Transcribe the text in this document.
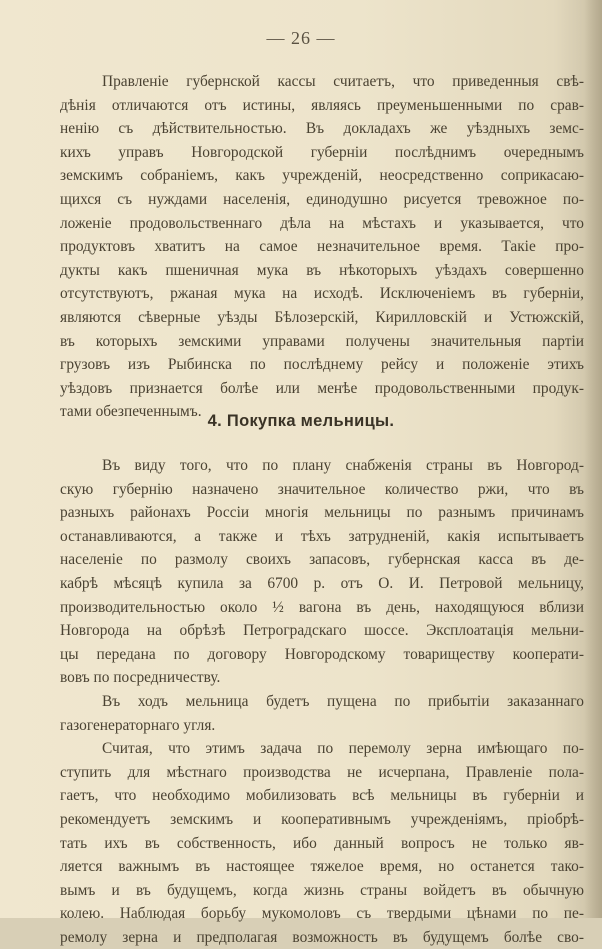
— 26 —
Правленіе губернской кассы считаетъ, что приведенныя свѣ-
дѣнія отличаются отъ истины, являясь преуменьшенными по срав-
ненію съ дѣйствительностью. Въ докладахъ же уѣздныхъ земс-
кихъ управъ Новгородской губерніи послѣднимъ очереднымъ
земскимъ собраніемъ, какъ учрежденій, неосредственно соприкасаю-
щихся съ нуждами населенія, единодушно рисуется тревожное по-
ложеніе продовольственнаго дѣла на мѣстахъ и указывается, что
продуктовъ хватитъ на самое незначительное время. Такіе про-
дукты какъ пшеничная мука въ нѣкоторыхъ уѣздахъ совершенно
отсутствуютъ, ржаная мука на исходѣ. Исключеніемъ въ губерніи,
являются сѣверные уѣзды Бѣлозерскій, Кирилловскій и Устюжскій,
въ которыхъ земскими управами получены значительныя партіи
грузовъ изъ Рыбинска по послѣднему рейсу и положеніе этихъ
уѣздовъ признается болѣе или менѣе продовольственными продук-
тами обезпеченнымъ.
4. Покупка мельницы.
Въ виду того, что по плану снабженія страны въ Новгород-
скую губернію назначено значительное количество ржи, что въ
разныхъ районахъ Россіи многія мельницы по разнымъ причинамъ
останавливаются, а также и тѣхъ затрудненій, какія испытываетъ
населеніе по размолу своихъ запасовъ, губернская касса въ де-
кабрѣ мѣсяцѣ купила за 6700 р. отъ О. И. Петровой мельницу,
производительностью около ½ вагона въ день, находящуюся вблизи
Новгорода на обрѣзѣ Петроградскаго шоссе. Эксплоатація мельни-
цы передана по договору Новгородскому товариществу кооперати-
вовъ по посредничеству.
Въ ходъ мельница будетъ пущена по прибытіи заказаннаго
газогенераторнаго угля.
Считая, что этимъ задача по перемолу зерна имѣющаго по-
ступить для мѣстнаго производства не исчерпана, Правленіе пола-
гаетъ, что необходимо мобилизовать всѣ мельницы въ губерніи и
рекомендуетъ земскимъ и кооперативнымъ учрежденіямъ, пріобрѣ-
тать ихъ въ собственность, ибо данный вопросъ не только яв-
ляется важнымъ въ настоящее тяжелое время, но останется тако-
вымъ и въ будущемъ, когда жизнь страны войдетъ въ обычную
колею. Наблюдая борьбу мукомоловъ съ твердыми цѣнами по пе-
ремолу зерна и предполагая возможность въ будущемъ болѣе сво-
